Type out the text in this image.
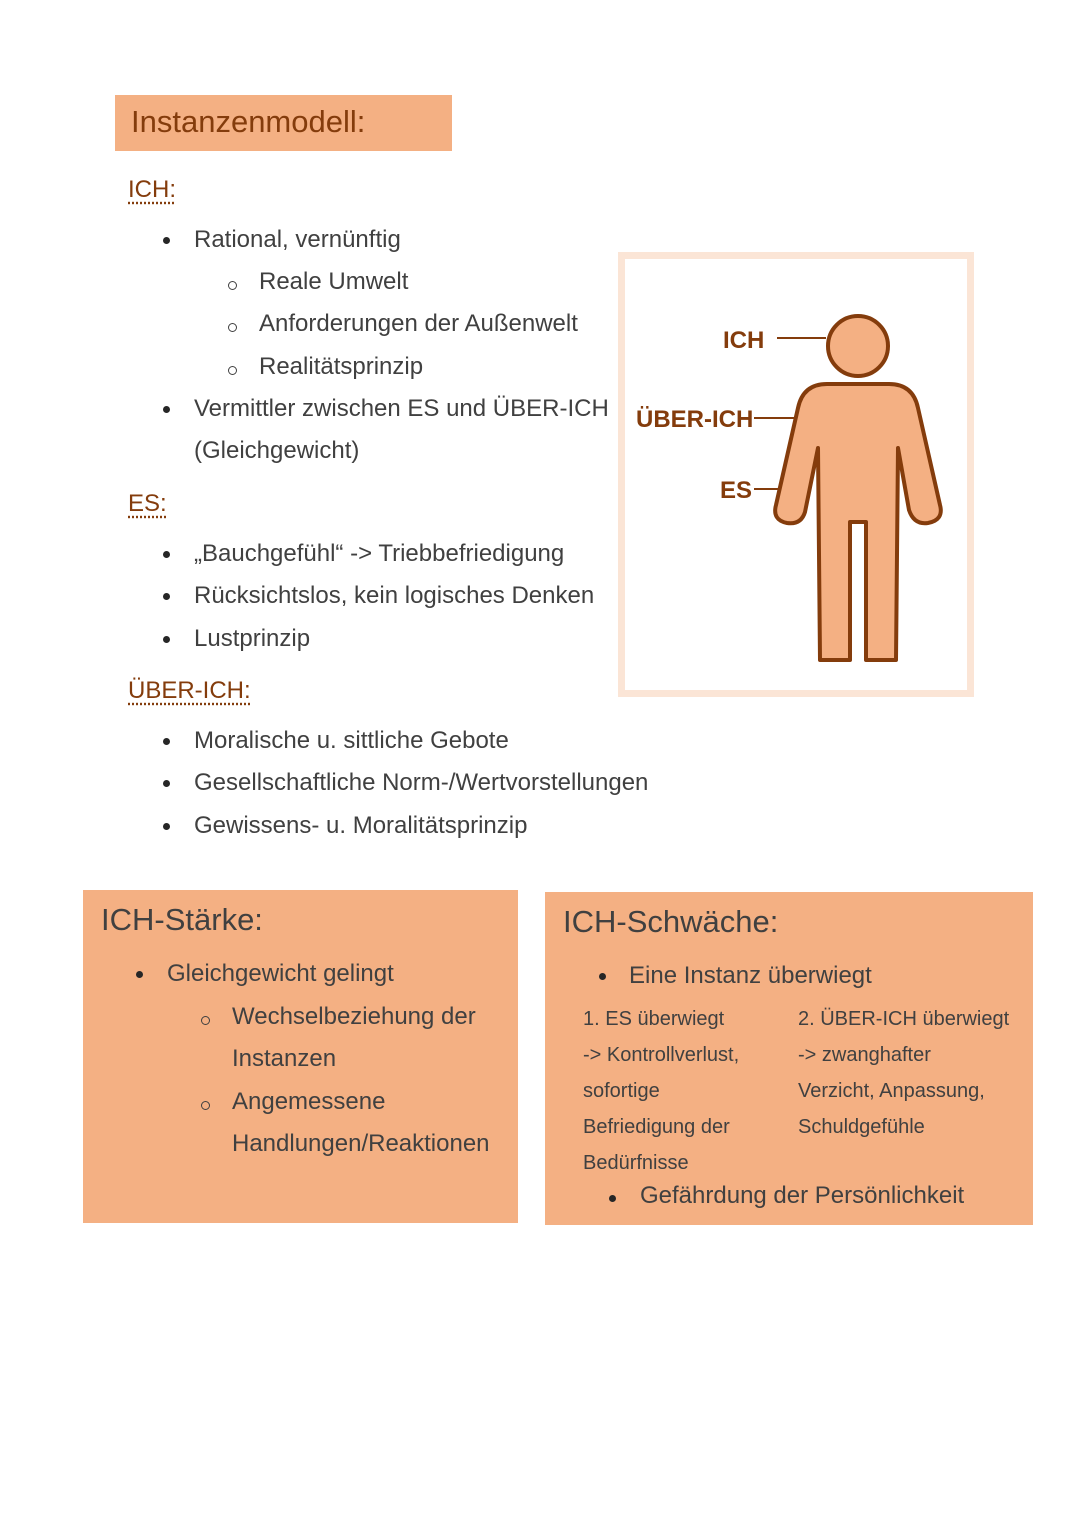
Instanzenmodell:
ICH:
Rational, vernünftig
Reale Umwelt
Anforderungen der Außenwelt
Realitätsprinzip
Vermittler zwischen ES und ÜBER-ICH
(Gleichgewicht)
ES:
„Bauchgefühl“ -> Triebbefriedigung
Rücksichtslos, kein logisches Denken
Lustprinzip
ÜBER-ICH:
Moralische u. sittliche Gebote
Gesellschaftliche Norm-/Wertvorstellungen
Gewissens- u. Moralitätsprinzip
ICH
ÜBER-ICH
ES
ICH-Stärke:
Gleichgewicht gelingt
Wechselbeziehung der
Instanzen
Angemessene
Handlungen/Reaktionen
ICH-Schwäche:
Eine Instanz überwiegt
1. ES überwiegt
-> Kontrollverlust,
sofortige
Befriedigung der
Bedürfnisse
2. ÜBER-ICH überwiegt
-> zwanghafter
Verzicht, Anpassung,
Schuldgefühle
Gefährdung der Persönlichkeit
